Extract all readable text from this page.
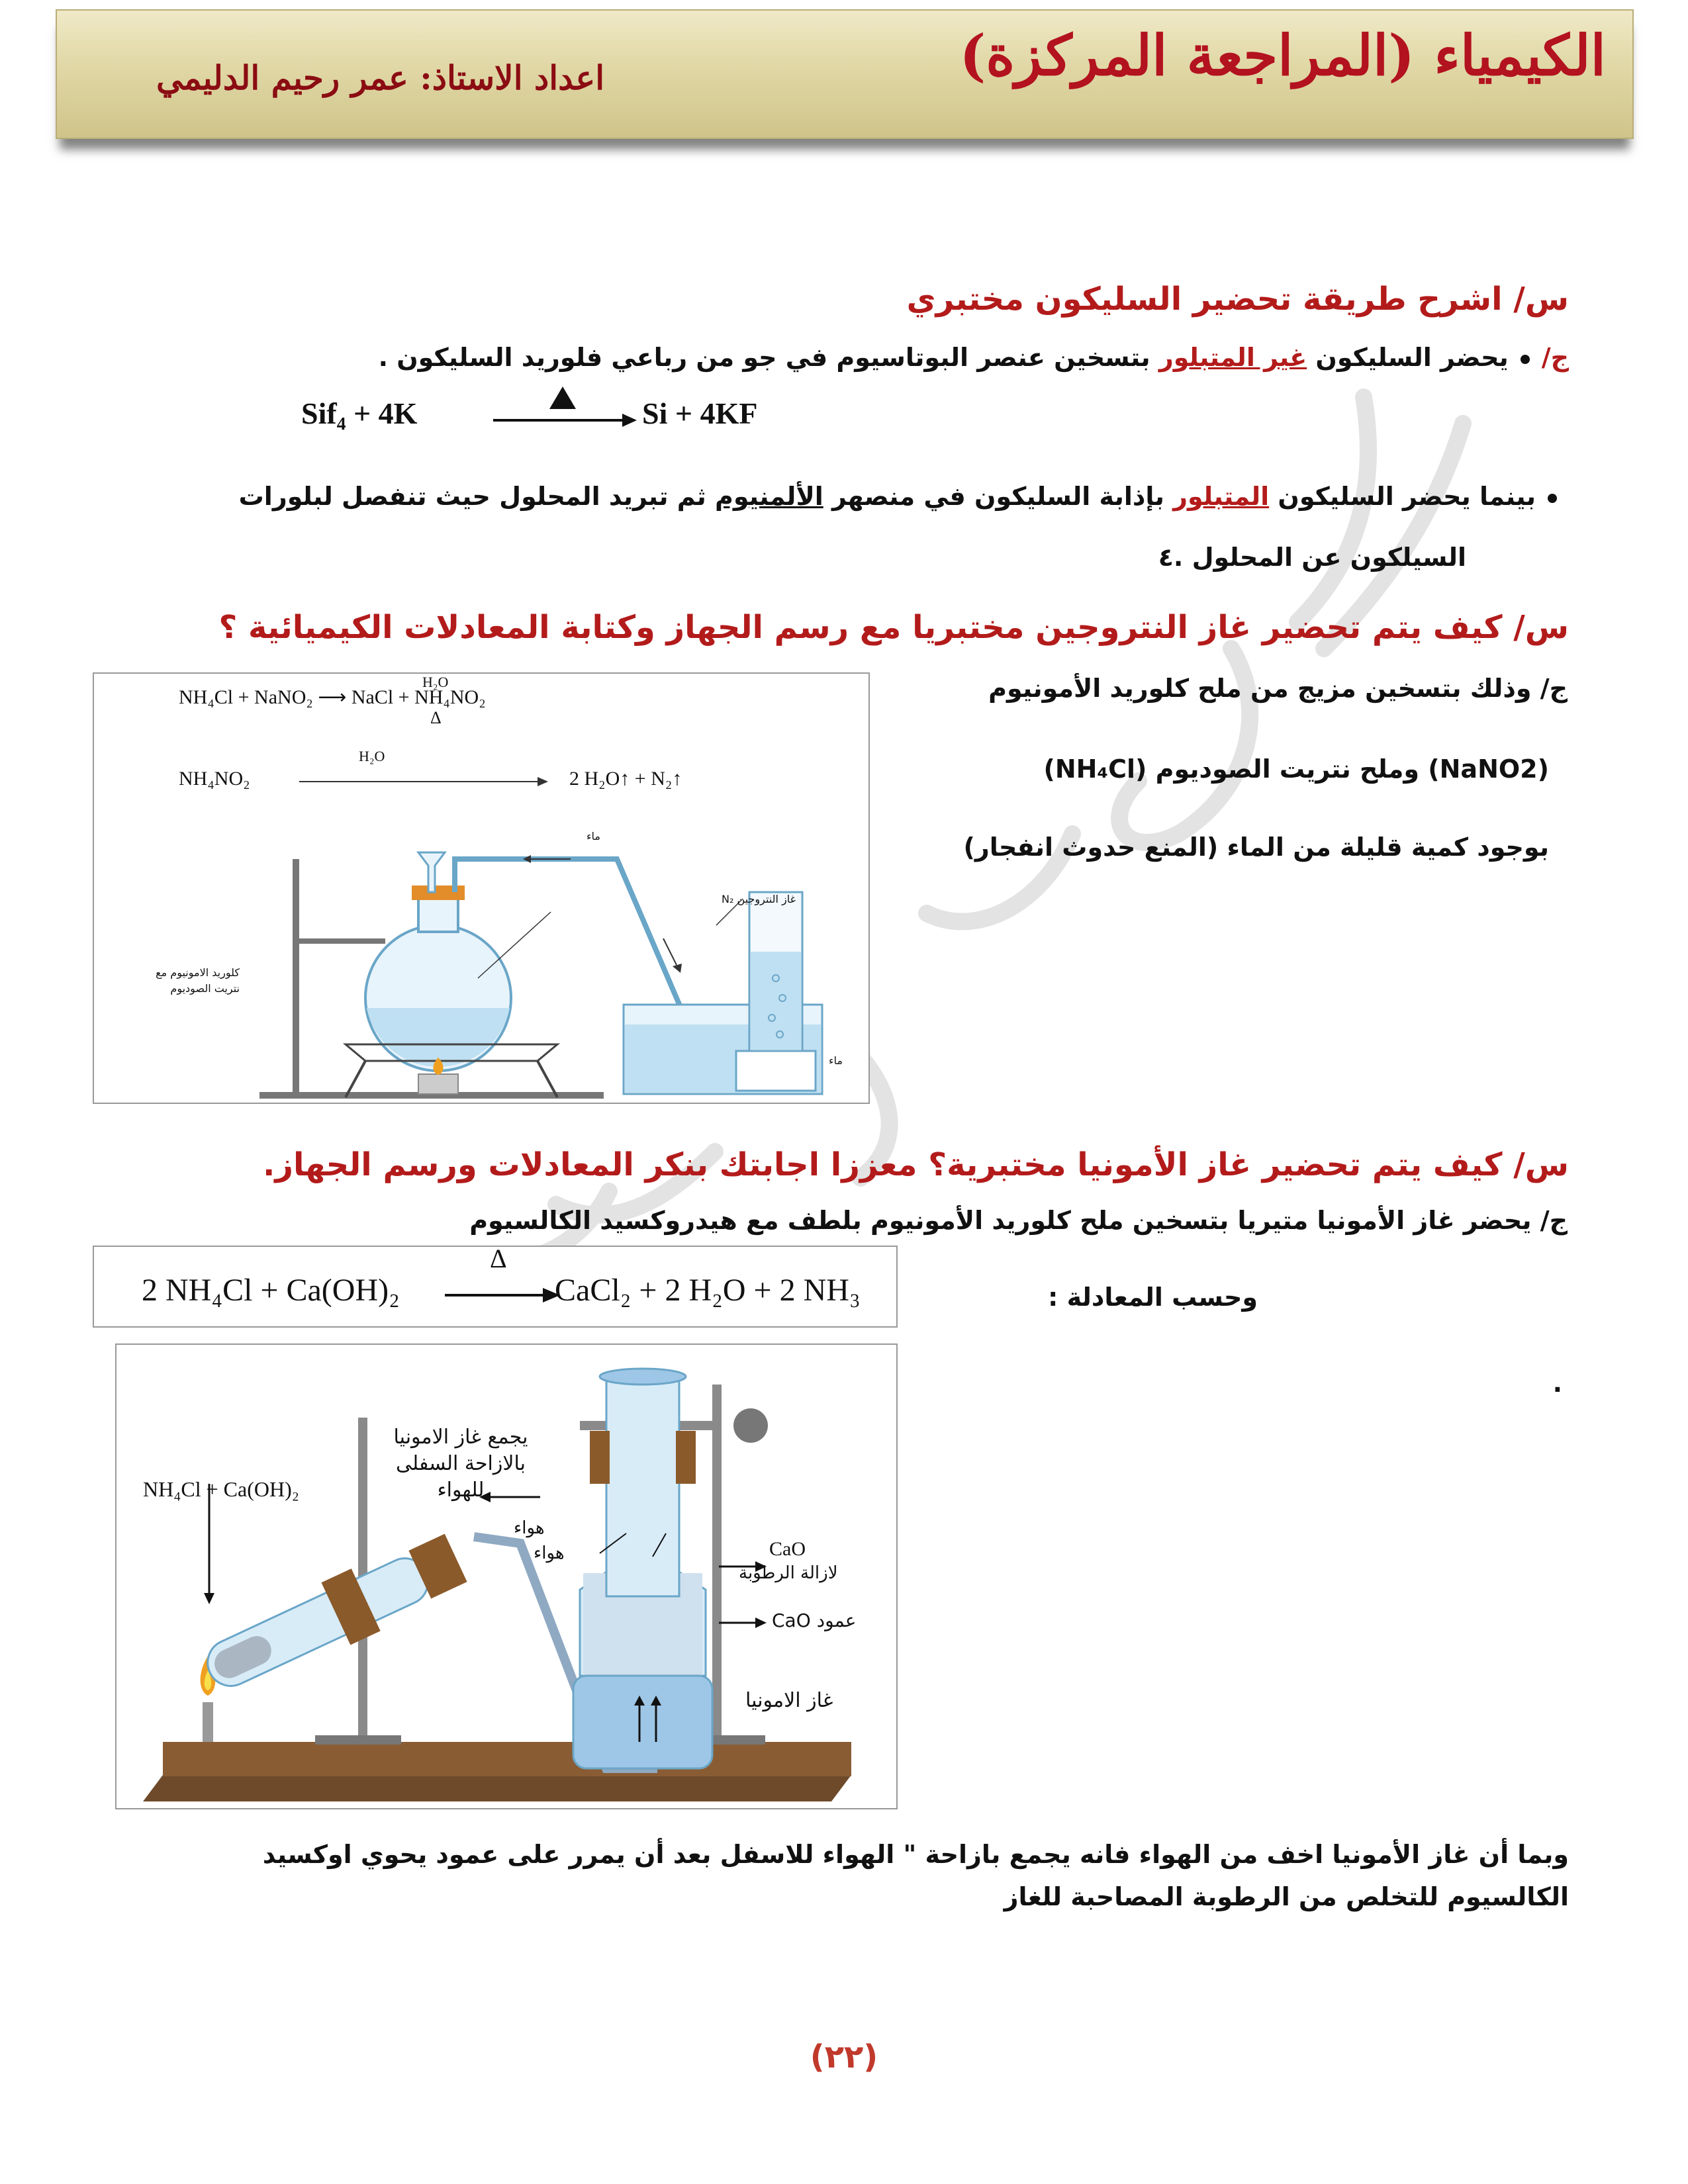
الكيمياء (المراجعة المركزة)
اعداد الاستاذ: عمر رحيم الدليمي
س/ اشرح طريقة تحضير السليكون مختبري
ج/يحضر السليكون غير المتبلور بتسخين عنصر البوتاسيوم في جو من رباعي فلوريد السليكون .
Sif₄ + 4K	Si + 4KF
بينما يحضر السليكون المتبلور بإذابة السليكون في منصهر الألمنيوم ثم تبريد المحلول حيث تنفصل لبلورات
السيلكون عن المحلول .٤
س/ كيف يتم تحضير غاز النتروجين مختبريا مع رسم الجهاز وكتابة المعادلات الكيميائية ؟
ج/ وذلك بتسخين مزيج من ملح كلوريد الأمونيوم
(NH₄Cl) وملح نتريت الصوديوم (NaNO2)
بوجود كمية قليلة من الماء (المنع حدوث انفجار)
NH₄Cl + NaNO₂ ⟶ NaCl + NH₄NO₂
H₂O
Δ
NH₄NO₂
H₂O
2 H₂O↑ + N₂↑
كلوريد الامونيوم مع نتريت الصوديوم
ماء
غاز النتروجين N₂
ماء
س/ كيف يتم تحضير غاز الأمونيا مختبرية؟ معززا اجابتك بنكر المعادلات ورسم الجهاز.
ج/ يحضر غاز الأمونيا متيريا بتسخين ملح كلوريد الأمونيوم بلطف مع هيدروكسيد الكالسيوم
2 NH₄Cl + Ca(OH)₂
Δ
CaCl₂ + 2 H₂O + 2 NH₃	وحسب المعادلة :
.
NH₄Cl + Ca(OH)₂
يجمع غاز الامونيا بالازاحة السفلى للهواء
هواء
هواء	CaO
لازالة الرطوبة
عمود CaO
غاز الامونيا
وبما أن غاز الأمونيا اخف من الهواء فانه يجمع بازاحة " الهواء للاسفل بعد أن يمرر على عمود يحوي اوكسيد
الكالسيوم للتخلص من الرطوبة المصاحبة للغاز
(٢٢)
